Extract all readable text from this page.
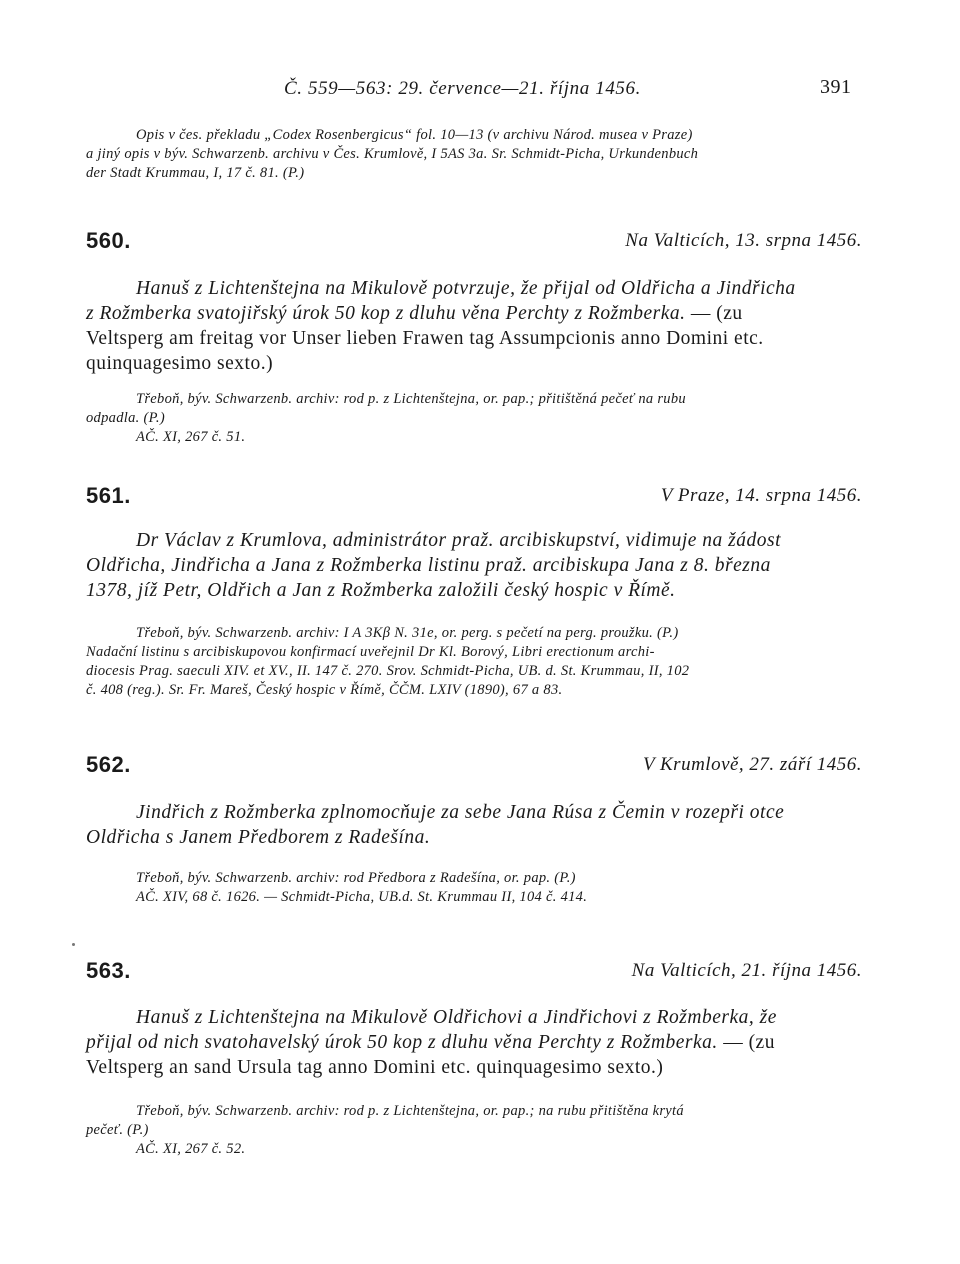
Č. 559—563: 29. července—21. října 1456.	391
Opis v čes. překladu „Codex Rosenbergicus“ fol. 10—13 (v archivu Národ. musea v Praze)
a jiný opis v býv. Schwarzenb. archivu v Čes. Krumlově, I 5AS 3a. Sr. Schmidt-Picha, Urkundenbuch
der Stadt Krummau, I, 17 č. 81. (P.)
560.	Na Valticích, 13. srpna 1456.
Hanuš z Lichtenštejna na Mikulově potvrzuje, že přijal od Oldřicha a Jindřicha
z Rožmberka svatojiřský úrok 50 kop z dluhu věna Perchty z Rožmberka. — (zu
Veltsperg am freitag vor Unser lieben Frawen tag Assumpcionis anno Domini etc.
quinquagesimo sexto.)
Třeboň, býv. Schwarzenb. archiv: rod p. z Lichtenštejna, or. pap.; přitištěná pečeť na rubu
odpadla. (P.)
AČ. XI, 267 č. 51.
561.	V Praze, 14. srpna 1456.
Dr Václav z Krumlova, administrátor praž. arcibiskupství, vidimuje na žádost
Oldřicha, Jindřicha a Jana z Rožmberka listinu praž. arcibiskupa Jana z 8. března
1378, jíž Petr, Oldřich a Jan z Rožmberka založili český hospic v Římě.
Třeboň, býv. Schwarzenb. archiv: I A 3Kβ N. 31e, or. perg. s pečetí na perg. proužku. (P.)
Nadační listinu s arcibiskupovou konfirmací uveřejnil Dr Kl. Borový, Libri erectionum archi-
diocesis Prag. saeculi XIV. et XV., II. 147 č. 270. Srov. Schmidt-Picha, UB. d. St. Krummau, II, 102
č. 408 (reg.). Sr. Fr. Mareš, Český hospic v Římě, ČČM. LXIV (1890), 67 a 83.
562.	V Krumlově, 27. září 1456.
Jindřich z Rožmberka zplnomocňuje za sebe Jana Rúsa z Čemin v rozepři otce
Oldřicha s Janem Předborem z Radešína.
Třeboň, býv. Schwarzenb. archiv: rod Předbora z Radešína, or. pap. (P.)
AČ. XIV, 68 č. 1626. — Schmidt-Picha, UB.d. St. Krummau II, 104 č. 414.
563.	Na Valticích, 21. října 1456.
Hanuš z Lichtenštejna na Mikulově Oldřichovi a Jindřichovi z Rožmberka, že
přijal od nich svatohavelský úrok 50 kop z dluhu věna Perchty z Rožmberka. — (zu
Veltsperg an sand Ursula tag anno Domini etc. quinquagesimo sexto.)
Třeboň, býv. Schwarzenb. archiv: rod p. z Lichtenštejna, or. pap.; na rubu přitištěna krytá
pečeť. (P.)
AČ. XI, 267 č. 52.
